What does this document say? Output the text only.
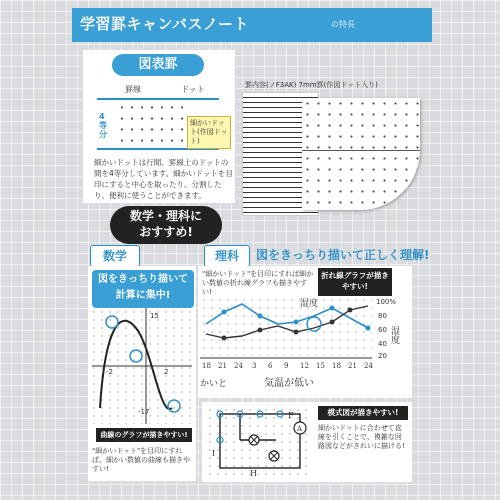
学習罫キャンバスノート	の特長
図表罫
罫線	ドット
4等分
細かいドット(作図ドット)
細かいドットは行間、罫線上のドットの間を4等分しています。細かいドットを目印にすると中心を取ったり、分割したり、便利に使うことができます。
罫内容(ノF3AK) 7mm罫(作図ドット入り)
数学・理科に
おすすめ!
数学
図をきっちり描いて
計算に集中!
15
-2	2
-17
曲線のグラフが描きやすい!
"細かいドット"を目印にすれば、細かい数値の曲線も描きやすい!
理科	図をきっちり描いて正しく理解!
"細かいドット"を目印にすれば細かい数値の折れ線グラフも描きやすい!
折れ線グラフが描きやすい!
18 21 24 3 6 9 12 15 18 21 24
100%
80
60
40
20
湿度
湿度
気温が低い
かいと
I
H
F
A
模式図が描きやすい!
細かいドットに合わせて直線を引くことで、複雑な回路図などがきれいに描ける!
